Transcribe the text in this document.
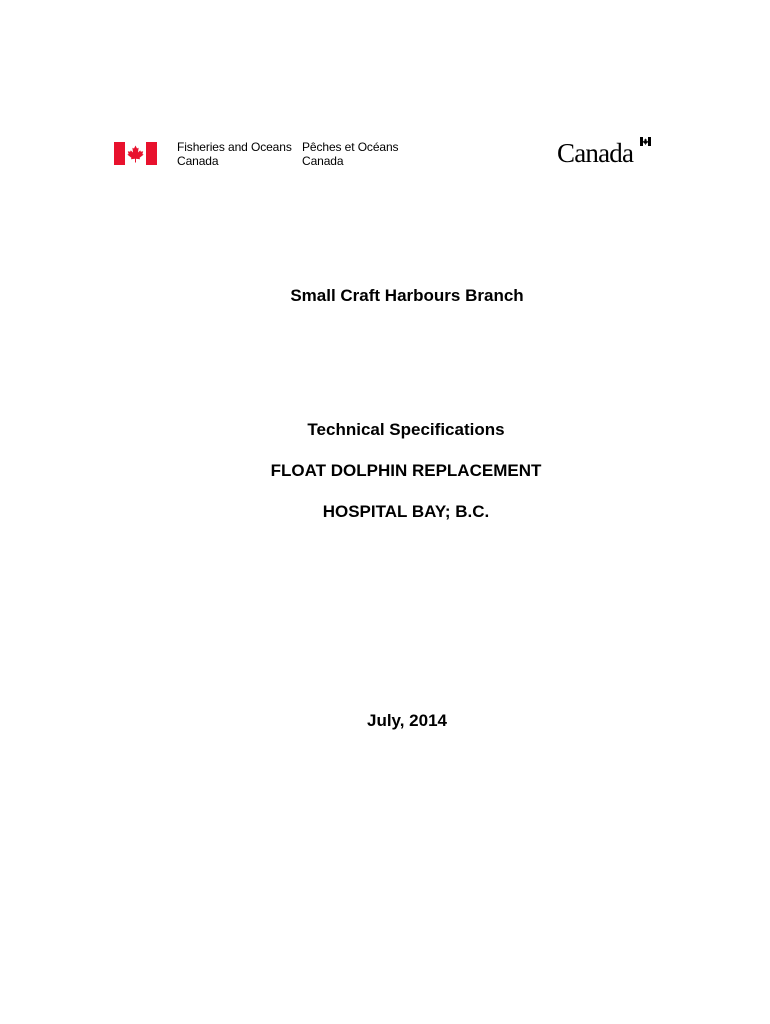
Fisheries and Oceans
Canada
Pêches et Océans
Canada	Canada
Small Craft Harbours Branch
Technical Specifications
FLOAT DOLPHIN REPLACEMENT
HOSPITAL BAY; B.C.
July, 2014
